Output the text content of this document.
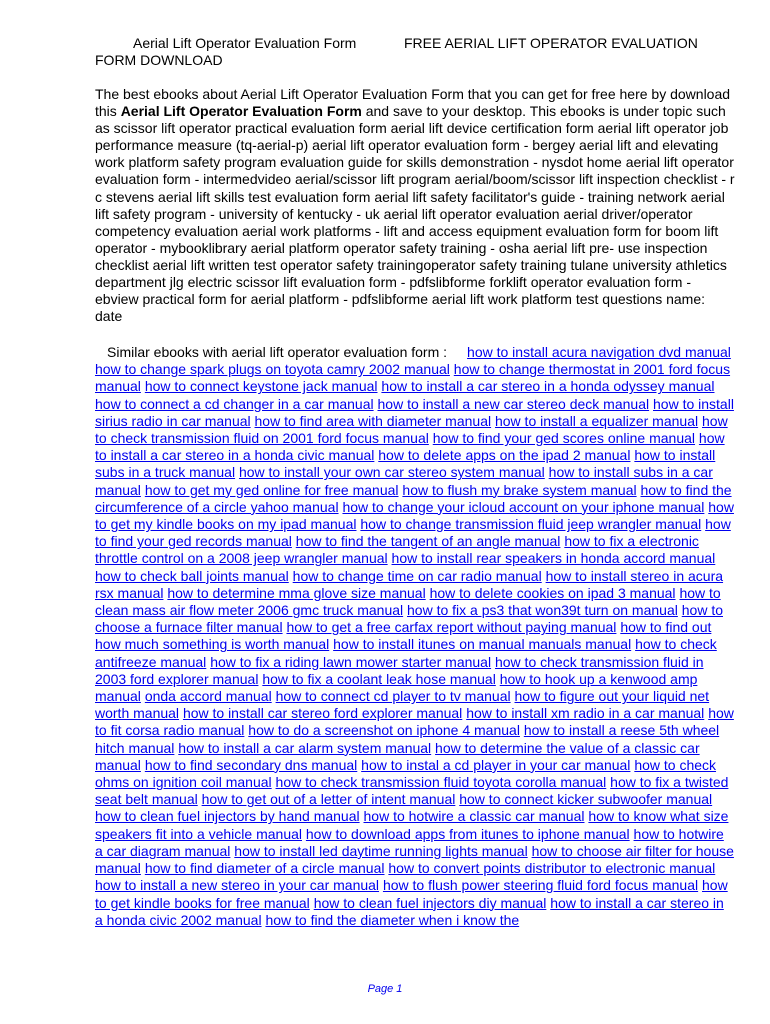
Aerial Lift Operator Evaluation Form	FREE AERIAL LIFT OPERATOR EVALUATION
FORM DOWNLOAD
The best ebooks about Aerial Lift Operator Evaluation Form that you can get for free here by download this Aerial Lift Operator Evaluation Form and save to your desktop. This ebooks is under topic such as scissor lift operator practical evaluation form aerial lift device certification form aerial lift operator job performance measure (tq-aerial-p) aerial lift operator evaluation form - bergey aerial lift and elevating work platform safety program evaluation guide for skills demonstration - nysdot home aerial lift operator evaluation form - intermedvideo aerial/scissor lift program aerial/boom/scissor lift inspection checklist - r c stevens aerial lift skills test evaluation form aerial lift safety facilitator's guide - training network aerial lift safety program - university of kentucky - uk aerial lift operator evaluation aerial driver/operator competency evaluation aerial work platforms - lift and access equipment evaluation form for boom lift operator - mybooklibrary aerial platform operator safety training - osha aerial lift pre- use inspection checklist aerial lift written test operator safety trainingoperator safety training tulane university athletics department jlg electric scissor lift evaluation form - pdfslibforme forklift operator evaluation form - ebview practical form for aerial platform - pdfslibforme aerial lift work platform test questions name: date
Similar ebooks with aerial lift operator evaluation form : how to install acura navigation dvd manual how to change spark plugs on toyota camry 2002 manual how to change thermostat in 2001 ford focus manual how to connect keystone jack manual how to install a car stereo in a honda odyssey manual how to connect a cd changer in a car manual how to install a new car stereo deck manual how to install sirius radio in car manual how to find area with diameter manual how to install a equalizer manual how to check transmission fluid on 2001 ford focus manual how to find your ged scores online manual how to install a car stereo in a honda civic manual how to delete apps on the ipad 2 manual how to install subs in a truck manual how to install your own car stereo system manual how to install subs in a car manual how to get my ged online for free manual how to flush my brake system manual how to find the circumference of a circle yahoo manual how to change your icloud account on your iphone manual how to get my kindle books on my ipad manual how to change transmission fluid jeep wrangler manual how to find your ged records manual how to find the tangent of an angle manual how to fix a electronic throttle control on a 2008 jeep wrangler manual how to install rear speakers in honda accord manual how to check ball joints manual how to change time on car radio manual how to install stereo in acura rsx manual how to determine mma glove size manual how to delete cookies on ipad 3 manual how to clean mass air flow meter 2006 gmc truck manual how to fix a ps3 that won39t turn on manual how to choose a furnace filter manual how to get a free carfax report without paying manual how to find out how much something is worth manual how to install itunes on manual manuals manual how to check antifreeze manual how to fix a riding lawn mower starter manual how to check transmission fluid in 2003 ford explorer manual how to fix a coolant leak hose manual how to hook up a kenwood amp manual onda accord manual how to connect cd player to tv manual how to figure out your liquid net worth manual how to install car stereo ford explorer manual how to install xm radio in a car manual how to fit corsa radio manual how to do a screenshot on iphone 4 manual how to install a reese 5th wheel hitch manual how to install a car alarm system manual how to determine the value of a classic car manual how to find secondary dns manual how to instal a cd player in your car manual how to check ohms on ignition coil manual how to check transmission fluid toyota corolla manual how to fix a twisted seat belt manual how to get out of a letter of intent manual how to connect kicker subwoofer manual how to clean fuel injectors by hand manual how to hotwire a classic car manual how to know what size speakers fit into a vehicle manual how to download apps from itunes to iphone manual how to hotwire a car diagram manual how to install led daytime running lights manual how to choose air filter for house manual how to find diameter of a circle manual how to convert points distributor to electronic manual how to install a new stereo in your car manual how to flush power steering fluid ford focus manual how to get kindle books for free manual how to clean fuel injectors diy manual how to install a car stereo in a honda civic 2002 manual how to find the diameter when i know the
Page 1
